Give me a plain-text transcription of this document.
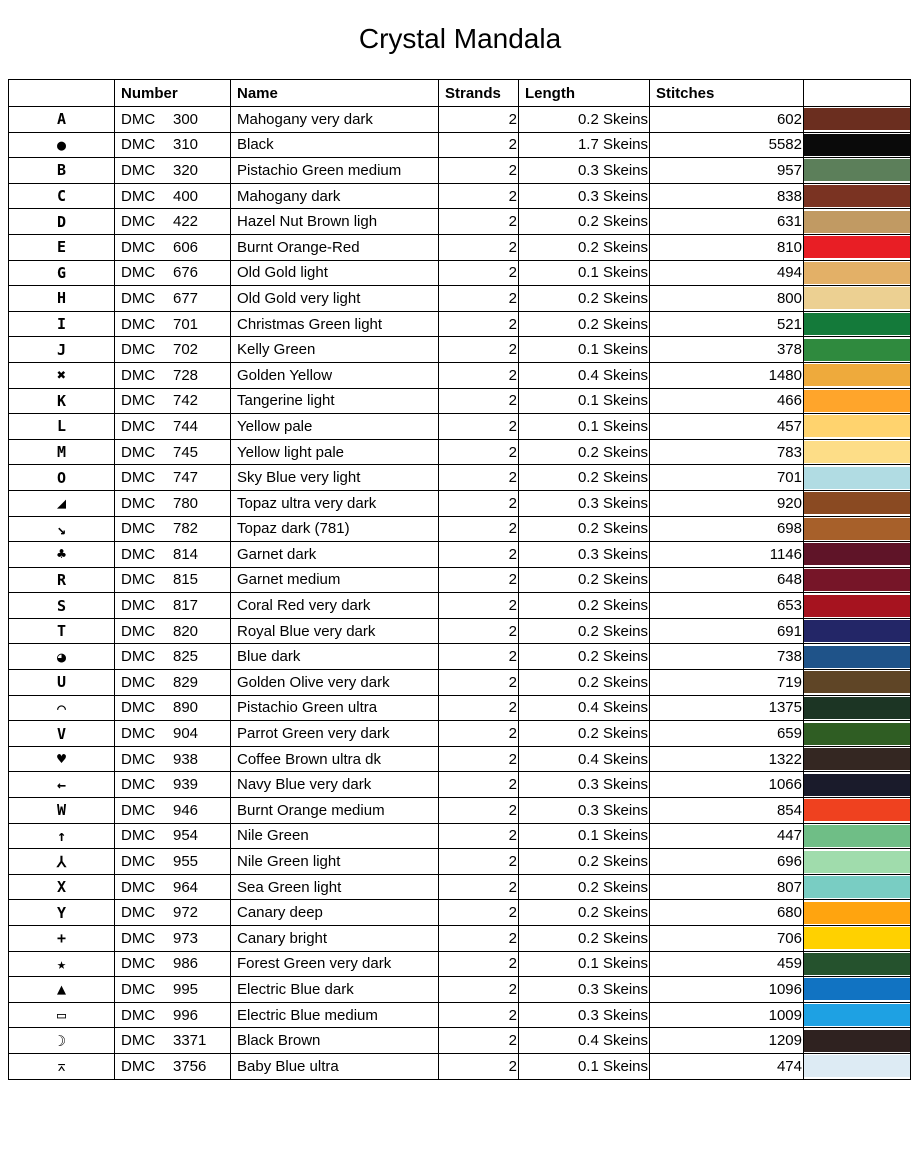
Crystal Mandala
	Number	Name	Strands	Length	Stitches	
A	DMC 300	Mahogany very dark	2	0.2 Skeins	602	

●	DMC 310	Black	2	1.7 Skeins	5582	

B	DMC 320	Pistachio Green medium	2	0.3 Skeins	957	

C	DMC 400	Mahogany dark	2	0.3 Skeins	838	

D	DMC 422	Hazel Nut Brown ligh	2	0.2 Skeins	631	

E	DMC 606	Burnt Orange-Red	2	0.2 Skeins	810	

G	DMC 676	Old Gold light	2	0.1 Skeins	494	

H	DMC 677	Old Gold very light	2	0.2 Skeins	800	

I	DMC 701	Christmas Green light	2	0.2 Skeins	521	

J	DMC 702	Kelly Green	2	0.1 Skeins	378	

✖	DMC 728	Golden Yellow	2	0.4 Skeins	1480	

K	DMC 742	Tangerine light	2	0.1 Skeins	466	

L	DMC 744	Yellow pale	2	0.1 Skeins	457	

M	DMC 745	Yellow light pale	2	0.2 Skeins	783	

O	DMC 747	Sky Blue very light	2	0.2 Skeins	701	

◢	DMC 780	Topaz ultra very dark	2	0.3 Skeins	920	

↘	DMC 782	Topaz dark (781)	2	0.2 Skeins	698	

♣	DMC 814	Garnet dark	2	0.3 Skeins	1146	

R	DMC 815	Garnet medium	2	0.2 Skeins	648	

S	DMC 817	Coral Red very dark	2	0.2 Skeins	653	

T	DMC 820	Royal Blue very dark	2	0.2 Skeins	691	

◕	DMC 825	Blue dark	2	0.2 Skeins	738	

U	DMC 829	Golden Olive very dark	2	0.2 Skeins	719	

⌒	DMC 890	Pistachio Green ultra	2	0.4 Skeins	1375	

V	DMC 904	Parrot Green very dark	2	0.2 Skeins	659	

♥	DMC 938	Coffee Brown ultra dk	2	0.4 Skeins	1322	

←	DMC 939	Navy Blue very dark	2	0.3 Skeins	1066	

W	DMC 946	Burnt Orange medium	2	0.3 Skeins	854	

↑	DMC 954	Nile Green	2	0.1 Skeins	447	

⅄	DMC 955	Nile Green light	2	0.2 Skeins	696	

X	DMC 964	Sea Green light	2	0.2 Skeins	807	

Y	DMC 972	Canary deep	2	0.2 Skeins	680	

+	DMC 973	Canary bright	2	0.2 Skeins	706	

★	DMC 986	Forest Green very dark	2	0.1 Skeins	459	

▲	DMC 995	Electric Blue dark	2	0.3 Skeins	1096	

▭	DMC 996	Electric Blue medium	2	0.3 Skeins	1009	

☽	DMC 3371	Black Brown	2	0.4 Skeins	1209	

⌅	DMC 3756	Baby Blue ultra	2	0.1 Skeins	474	
